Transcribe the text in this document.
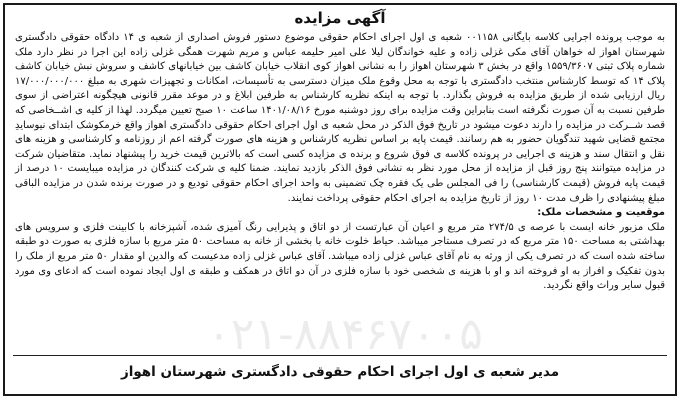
آگهی مزایده

به موجب پرونده اجرایی کلاسه بایگانی ۰۰۱۱۵۸ شعبه ی اول اجرای احکام حقوقی موضوع دستور فروش اصداری از شعبه ی ۱۴ دادگاه حقوقی دادگستری شهرستان اهواز له خواهان آقای مکی غزلی زاده و علیه خواندگان لیلا علی امیر حلیمه عباس و مریم شهرت همگی غزلی زاده این اجرا در نظر دارد ملک شماره پلاک ثبتی ۱۵۵۹/۳۶۰۷ واقع در بخش ۳ شهرستان اهواز را به نشانی اهواز کوی انقلاب خیابان کاشف بین خیابانهای کاشف و سروش نبش خیابان کاشف پلاک ۱۴ که توسط کارشناس منتخب دادگستری با توجه به محل وقوع ملک میزان دسترسی به تأسیسات، امکانات و تجهیزات شهری به مبلغ ۱۷/۰۰۰/۰۰۰/۰۰۰ ریال ارزیابی شده از طریق مزایده به فروش بگذارد. با توجه به اینکه نظریه کارشناس به طرفین ابلاغ و در موعد مقرر قانونی هیچگونه اعتراضی از سوی طرفین نسبت به آن صورت نگرفته است بنابراین وقت مزایده برای روز دوشنبه مورخ ۱۴۰۱/۰۸/۱۶ ساعت ۱۰ صبح تعیین میگردد. لهذا از کلیه ی اشــخاصی که قصد شــرکت در مزایده را دارند دعوت میشود در تاریخ فوق الذکر در محل شعبه ی اول اجرای احکام حقوقی دادگستری اهواز واقع خرمکوشک ابتدای نیوسایدِ مجتمع قضایی شهید تندگویان حضور به هم رسانند. قیمت پایه بر اساس نظریه کارشناس و هزینه های صورت گرفته اعم از روزنامه و کارشناسی و هزینه های نقل و انتقال سند و هزینه ی اجرایی در پرونده کلاسه ی فوق شروع و برنده ی مزایده کسی است که بالاترین قیمت خرید را پیشنهاد نماید. متقاضیان شرکت در مزایده میتوانند پنج روز قبل از مزایده از محل مورد نظر به نشانی فوق الذکر بازدید نمایند. ضمنا کلیه ی شرکت کنندگان در مزایده میبایست ۱۰ درصد از قیمت پایه فروش (قیمت کارشناسی) را فی المجلس طی یک فقره چک تضمینی به واحد اجرای احکام حقوقی تودیع و در صورت برنده شدن در مزایده الباقی مبلغ پیشنهادی را ظرف مدت ۱۰ روز از تاریخ مزایده به اجرای احکام حقوقی پرداخت نمایند.

موقعیت و مشخصات ملک:

ملک مزبور خانه ایست با عرصه ی ۲۷۴/۵ متر مربع و اعیان آن عبارتست از دو اتاق و پذیرایی رنگ آمیزی شده، آشپزخانه با کابینت فلزی و سرویس های بهداشتی به مساحت ۱۵۰ متر مربع که در تصرف مستاجر میباشد. حیاط خلوت خانه با بخشی از خانه به مساحت ۵۰ متر مربع با سازه فلزی به صورت دو طبقه ساخته شده است که در تصرف یکی از ورثه به نام آقای عباس غزلی زاده میباشد. آقای عباس غزلی زاده مدعیست که والدین او مقدار ۵۰ متر مربع از ملک را بدون تفکیک و افراز به او فروخته اند و او با هزینه ی شخصی خود با سازه فلزی در آن دو اتاق در همکف و طبقه ی اول ایجاد نموده است که ادعای وی مورد قبول سایر وراث واقع نگردید.

مدیر شعبه ی اول اجرای احکام حقوقی دادگستری شهرستان اهواز
۰۲۱-۸۸۴۶۷۰۰۵
